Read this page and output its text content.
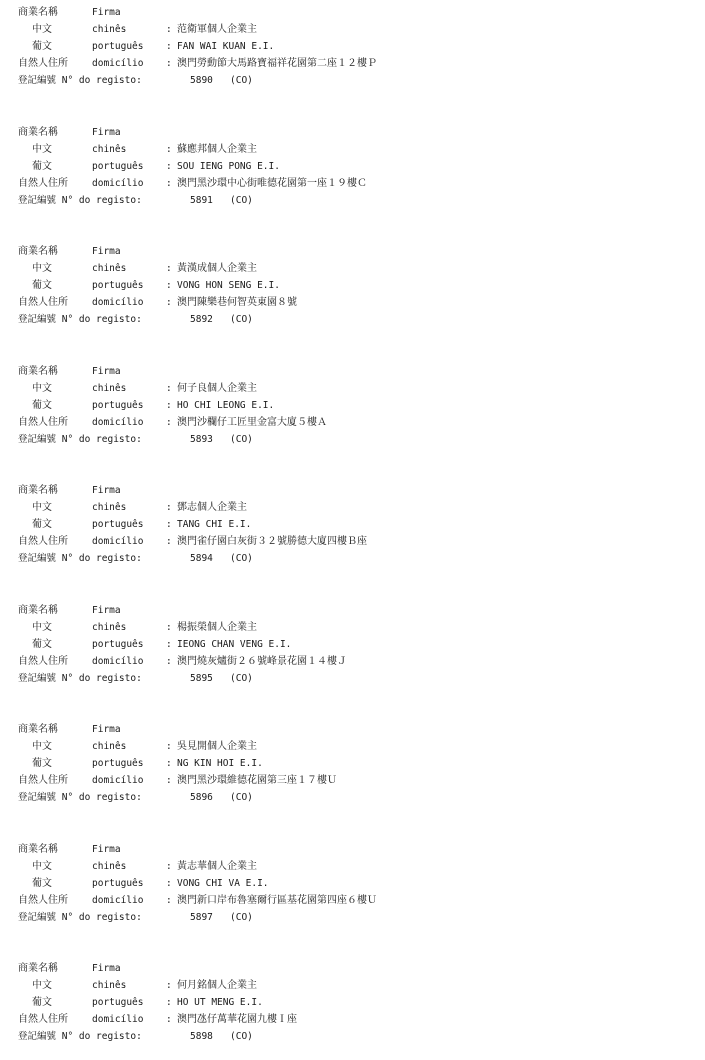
商業名稱	Firma
中文	chinês	: 范衛軍個人企業主
葡文	português : FAN WAI KUAN E.I.
自然人住所	domicílio : 澳門勞動節大馬路寶福祥花園第二座１２樓Ｐ
登記編號 N° do registo:	5890 (CO)
商業名稱	Firma
中文	chinês	: 蘇應邦個人企業主
葡文	português : SOU IENG PONG E.I.
自然人住所	domicílio : 澳門黑沙環中心街唯德花園第一座１９樓Ｃ
登記編號 N° do registo:	5891 (CO)
商業名稱	Firma
中文	chinês	: 黃漢成個人企業主
葡文	português : VONG HON SENG E.I.
自然人住所	domicílio : 澳門陳樂巷何智英東園８號
登記編號 N° do registo:	5892 (CO)
商業名稱	Firma
中文	chinês	: 何子良個人企業主
葡文	português : HO CHI LEONG E.I.
自然人住所	domicílio : 澳門沙欄仔工匠里金富大廈５樓Ａ
登記編號 N° do registo:	5893 (CO)
商業名稱	Firma
中文	chinês	: 鄧志個人企業主
葡文	português : TANG CHI E.I.
自然人住所	domicílio : 澳門雀仔園白灰街３２號勝德大廈四樓Ｂ座
登記編號 N° do registo:	5894 (CO)
商業名稱	Firma
中文	chinês	: 楊振榮個人企業主
葡文	português : IEONG CHAN VENG E.I.
自然人住所	domicílio : 澳門燒灰爐街２６號峰景花園１４樓Ｊ
登記編號 N° do registo:	5895 (CO)
商業名稱	Firma
中文	chinês	: 吳見開個人企業主
葡文	português : NG KIN HOI E.I.
自然人住所	domicílio : 澳門黑沙環維德花園第三座１７樓Ｕ
登記編號 N° do registo:	5896 (CO)
商業名稱	Firma
中文	chinês	: 黃志華個人企業主
葡文	português : VONG CHI VA E.I.
自然人住所	domicílio : 澳門新口岸布魯塞爾行區基花園第四座６樓Ｕ
登記編號 N° do registo:	5897 (CO)
商業名稱	Firma
中文	chinês	: 何月銘個人企業主
葡文	português : HO UT MENG E.I.
自然人住所	domicílio : 澳門氹仔萬華花園九樓Ｉ座
登記編號 N° do registo:	5898 (CO)
